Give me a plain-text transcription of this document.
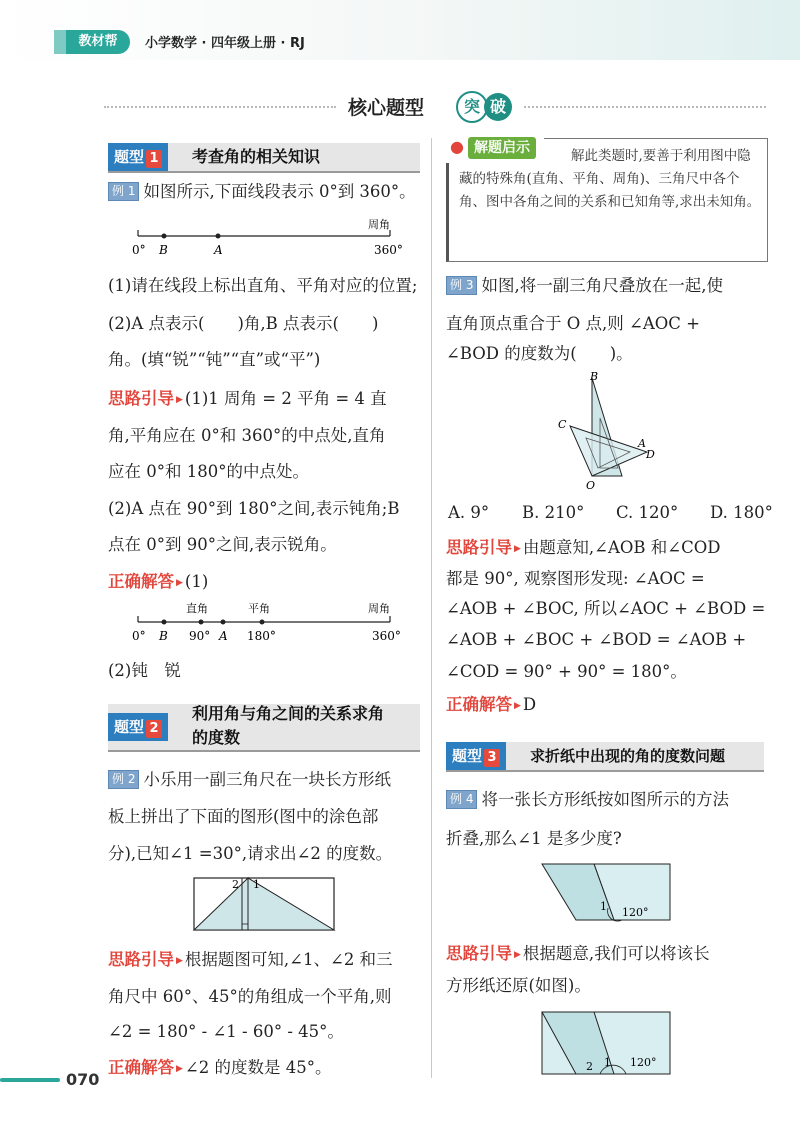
教材帮	小学数学 · 四年级上册 · RJ
核心题型	突 破
题型 1	考查角的相关知识
例 1 如图所示,下面线段表示 0°到 360°。
周角
0° B	A	360°
(1)请在线段上标出直角、平角对应的位置;
(2)A 点表示(　　)角,B 点表示(　　)
角。(填“锐”“钝”“直”或“平”)
思路引导 ▶ (1)1 周角 = 2 平角 = 4 直
角,平角应在 0°和 360°的中点处,直角
应在 0°和 180°的中点处。
(2)A 点在 90°到 180°之间,表示钝角;B
点在 0°到 90°之间,表示锐角。
正确解答 ▶ (1)
直角	平角	周角
0° B 90° A 180°	360°
(2)钝　锐
题型 2
利用角与角之间的关系求角
的度数
例 2 小乐用一副三角尺在一块长方形纸
板上拼出了下面的图形(图中的涂色部
分),已知∠1 =30°,请求出∠2 的度数。
2 1
思路引导 ▶ 根据题图可知,∠1、∠2 和三
角尺中 60°、45°的角组成一个平角,则
∠2 = 180° - ∠1 - 60° - 45°。
正确解答 ▶ ∠2 的度数是 45°。
解此类题时,要善于利用图中隐藏的特殊角(直角、平角、周角)、三角尺中各个角、图中各角之间的关系和已知角等,求出未知角。
● 解题启示
例 3 如图,将一副三角尺叠放在一起,使
直角顶点重合于 O 点,则 ∠AOC +
∠BOD 的度数为(　　)。
B
C
A
D
O
A. 9° B. 210° C. 120° D. 180°
思路引导 ▶ 由题意知,∠AOB 和∠COD
都是 90°, 观察图形发现: ∠AOC =
∠AOB + ∠BOC, 所以∠AOC + ∠BOD =
∠AOB + ∠BOC + ∠BOD = ∠AOB +
∠COD = 90° + 90° = 180°。
正确解答 ▶ D
题型 3	求折纸中出现的角的度数问题
例 4 将一张长方形纸按如图所示的方法
折叠,那么∠1 是多少度?
1 120°
思路引导 ▶ 根据题意,我们可以将该长
方形纸还原(如图)。
2 1 120°
070
